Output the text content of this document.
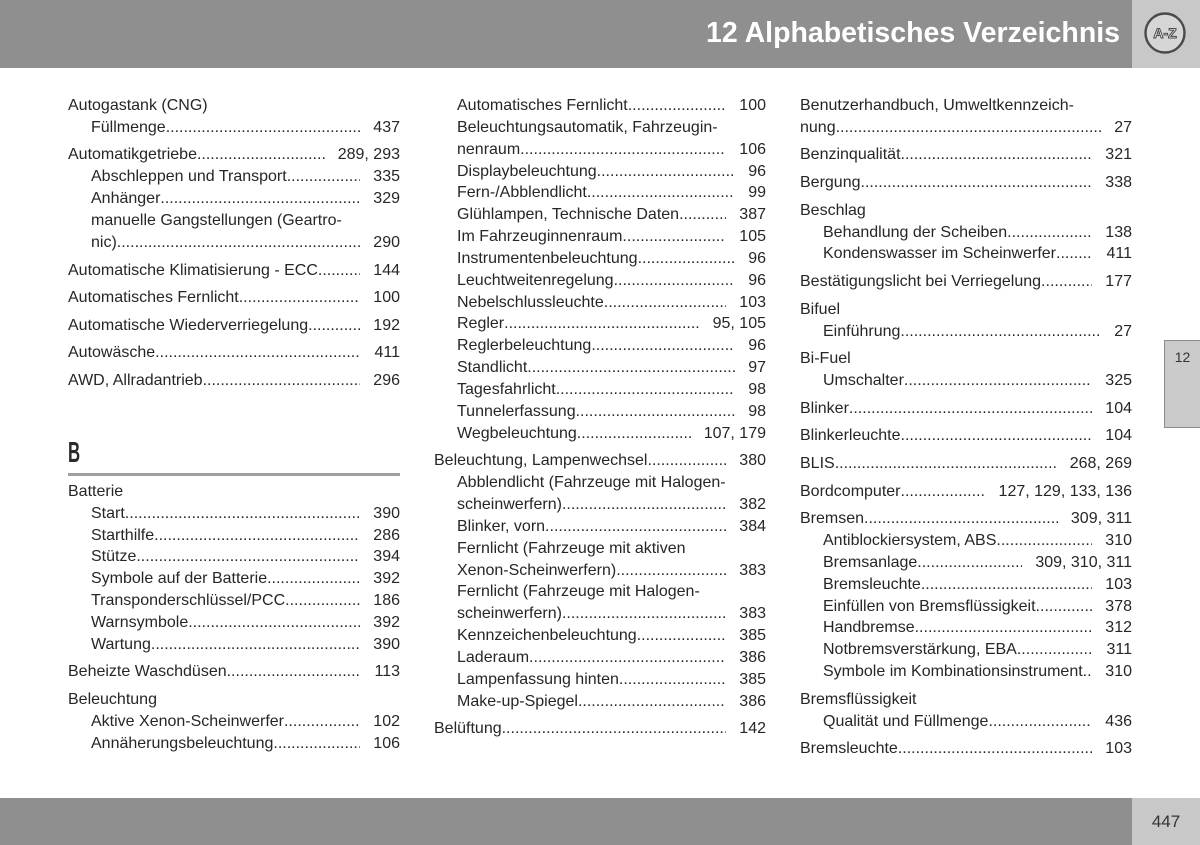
12 Alphabetisches Verzeichnis A-Z
12
Autogastank (CNG)
Füllmenge .....	437
Automatikgetriebe .....	289, 293
Abschleppen und Transport .....	335
Anhänger .....	329
manuelle Gangstellungen (Geartro-
nic) .....	290
Automatische Klimatisierung - ECC .....	144
Automatisches Fernlicht .....	100
Automatische Wiederverriegelung .....	192
Autowäsche .....	411
AWD, Allradantrieb .....	296
B
Batterie
Start .....	390
Starthilfe .....	286
Stütze .....	394
Symbole auf der Batterie .....	392
Transponderschlüssel/PCC .....	186
Warnsymbole .....	392
Wartung .....	390
Beheizte Waschdüsen .....	113
Beleuchtung
Aktive Xenon-Scheinwerfer .....	102
Annäherungsbeleuchtung .....	106
Automatisches Fernlicht .....	100
Beleuchtungsautomatik, Fahrzeugin-
nenraum .....	106
Displaybeleuchtung .....	96
Fern-/Abblendlicht .....	99
Glühlampen, Technische Daten .....	387
Im Fahrzeuginnenraum .....	105
Instrumentenbeleuchtung .....	96
Leuchtweitenregelung .....	96
Nebelschlussleuchte .....	103
Regler .....	95, 105
Reglerbeleuchtung .....	96
Standlicht .....	97
Tagesfahrlicht .....	98
Tunnelerfassung .....	98
Wegbeleuchtung .....	107, 179
Beleuchtung, Lampenwechsel .....	380
Abblendlicht (Fahrzeuge mit Halogen-
scheinwerfern) .....	382
Blinker, vorn .....	384
Fernlicht (Fahrzeuge mit aktiven
Xenon-Scheinwerfern) .....	383
Fernlicht (Fahrzeuge mit Halogen-
scheinwerfern) .....	383
Kennzeichenbeleuchtung .....	385
Laderaum .....	386
Lampenfassung hinten .....	385
Make-up-Spiegel .....	386
Belüftung .....	142
Benutzerhandbuch, Umweltkennzeich-
nung .....	27
Benzinqualität .....	321
Bergung .....	338
Beschlag
Behandlung der Scheiben .....	138
Kondenswasser im Scheinwerfer .....	411
Bestätigungslicht bei Verriegelung .....	177
Bifuel
Einführung .....	27
Bi-Fuel
Umschalter .....	325
Blinker .....	104
Blinkerleuchte .....	104
BLIS .....	268, 269
Bordcomputer .....	127, 129, 133, 136
Bremsen .....	309, 311
Antiblockiersystem, ABS .....	310
Bremsanlage .....	309, 310, 311
Bremsleuchte .....	103
Einfüllen von Bremsflüssigkeit .....	378
Handbremse .....	312
Notbremsverstärkung, EBA .....	311
Symbole im Kombinationsinstrument .....	310
Bremsflüssigkeit
Qualität und Füllmenge .....	436
Bremsleuchte .....	103
447
